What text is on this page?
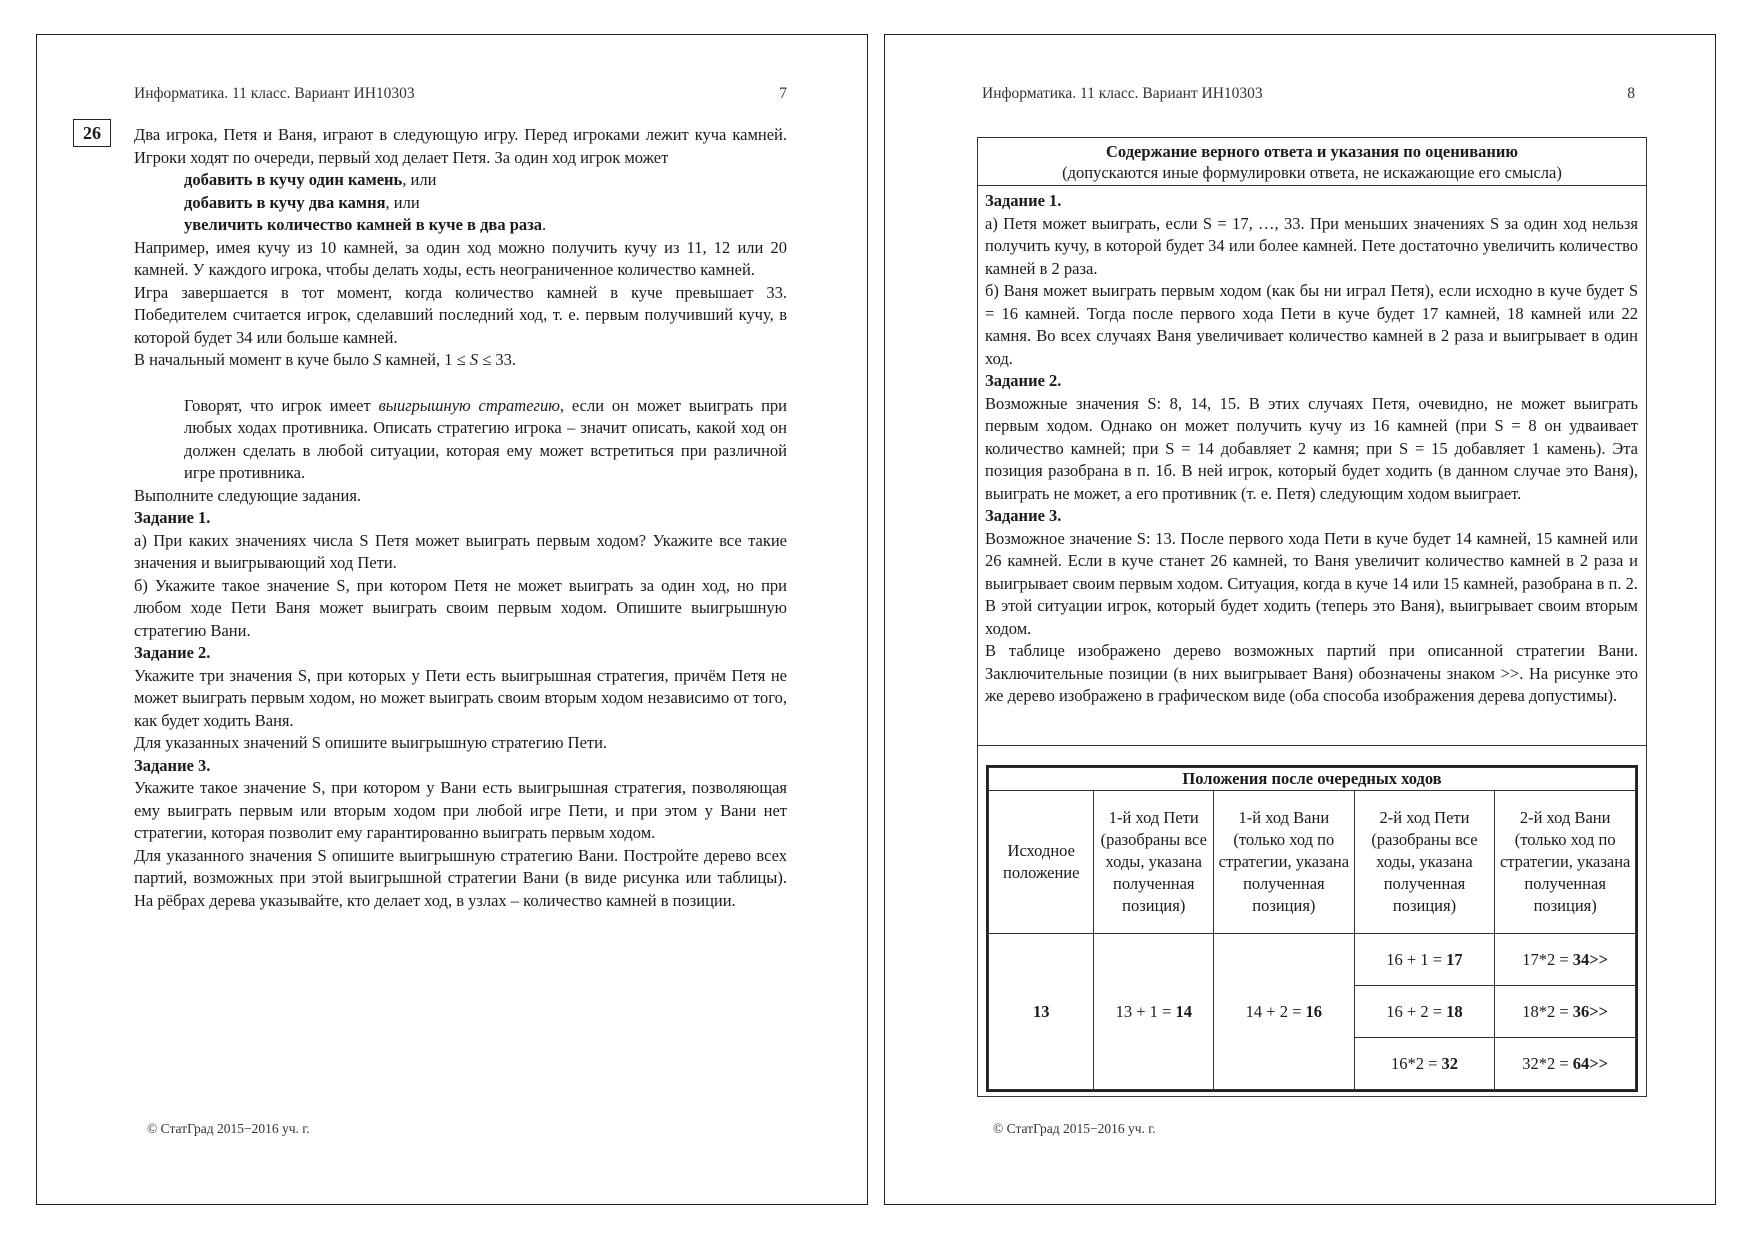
Информатика. 11 класс. Вариант ИН10303	7
26	Два игрока, Петя и Ваня, играют в следующую игру. Перед игроками лежит куча камней. Игроки ходят по очереди, первый ход делает Петя. За один ход игрок может

добавить в кучу один камень, или

добавить в кучу два камня, или

увеличить количество камней в куче в два раза.

Например, имея кучу из 10 камней, за один ход можно получить кучу из 11, 12 или 20 камней. У каждого игрока, чтобы делать ходы, есть неограниченное количество камней.

Игра завершается в тот момент, когда количество камней в куче превышает 33. Победителем считается игрок, сделавший последний ход, т. е. первым получивший кучу, в которой будет 34 или больше камней.

В начальный момент в куче было S камней, 1 ≤ S ≤ 33.

Говорят, что игрок имеет выигрышную стратегию, если он может выиграть при любых ходах противника. Описать стратегию игрока – значит описать, какой ход он должен сделать в любой ситуации, которая ему может встретиться при различной игре противника.

Выполните следующие задания.

Задание 1.

а) При каких значениях числа S Петя может выиграть первым ходом? Укажите все такие значения и выигрывающий ход Пети.

б) Укажите такое значение S, при котором Петя не может выиграть за один ход, но при любом ходе Пети Ваня может выиграть своим первым ходом. Опишите выигрышную стратегию Вани.

Задание 2.

Укажите три значения S, при которых у Пети есть выигрышная стратегия, причём Петя не может выиграть первым ходом, но может выиграть своим вторым ходом независимо от того, как будет ходить Ваня.

Для указанных значений S опишите выигрышную стратегию Пети.

Задание 3.

Укажите такое значение S, при котором у Вани есть выигрышная стратегия, позволяющая ему выиграть первым или вторым ходом при любой игре Пети, и при этом у Вани нет стратегии, которая позволит ему гарантированно выиграть первым ходом.

Для указанного значения S опишите выигрышную стратегию Вани. Постройте дерево всех партий, возможных при этой выигрышной стратегии Вани (в виде рисунка или таблицы). На рёбрах дерева указывайте, кто делает ход, в узлах – количество камней в позиции.

© СтатГрад 2015−2016 уч. г.
Информатика. 11 класс. Вариант ИН10303	8
Содержание верного ответа и указания по оцениванию
(допускаются иные формулировки ответа, не искажающие его смысла)

Задание 1.

а) Петя может выиграть, если S = 17, …, 33. При меньших значениях S за один ход нельзя получить кучу, в которой будет 34 или более камней. Пете достаточно увеличить количество камней в 2 раза.

б) Ваня может выиграть первым ходом (как бы ни играл Петя), если исходно в куче будет S = 16 камней. Тогда после первого хода Пети в куче будет 17 камней, 18 камней или 22 камня. Во всех случаях Ваня увеличивает количество камней в 2 раза и выигрывает в один ход.

Задание 2.

Возможные значения S: 8, 14, 15. В этих случаях Петя, очевидно, не может выиграть первым ходом. Однако он может получить кучу из 16 камней (при S = 8 он удваивает количество камней; при S = 14 добавляет 2 камня; при S = 15 добавляет 1 камень). Эта позиция разобрана в п. 1б. В ней игрок, который будет ходить (в данном случае это Ваня), выиграть не может, а его противник (т. е. Петя) следующим ходом выиграет.

Задание 3.

Возможное значение S: 13. После первого хода Пети в куче будет 14 камней, 15 камней или 26 камней. Если в куче станет 26 камней, то Ваня увеличит количество камней в 2 раза и выигрывает своим первым ходом. Ситуация, когда в куче 14 или 15 камней, разобрана в п. 2. В этой ситуации игрок, который будет ходить (теперь это Ваня), выигрывает своим вторым ходом.

В таблице изображено дерево возможных партий при описанной стратегии Вани. Заключительные позиции (в них выигрывает Ваня) обозначены знаком >>. На рисунке это же дерево изображено в графическом виде (оба способа изображения дерева допустимы).

Положения после очередных ходов				
Исходное положение	1-й ход Пети (разобраны все ходы, указана полученная позиция)	1-й ход Вани (только ход по стратегии, указана полученная позиция)	2-й ход Пети (разобраны все ходы, указана полученная позиция)	2-й ход Вани (только ход по стратегии, указана полученная позиция)
13	13 + 1 = 14	14 + 2 = 16	16 + 1 = 17	17*2 = 34>>
			16 + 2 = 18	18*2 = 36>>
			16*2 = 32	32*2 = 64>>
© СтатГрад 2015−2016 уч. г.
